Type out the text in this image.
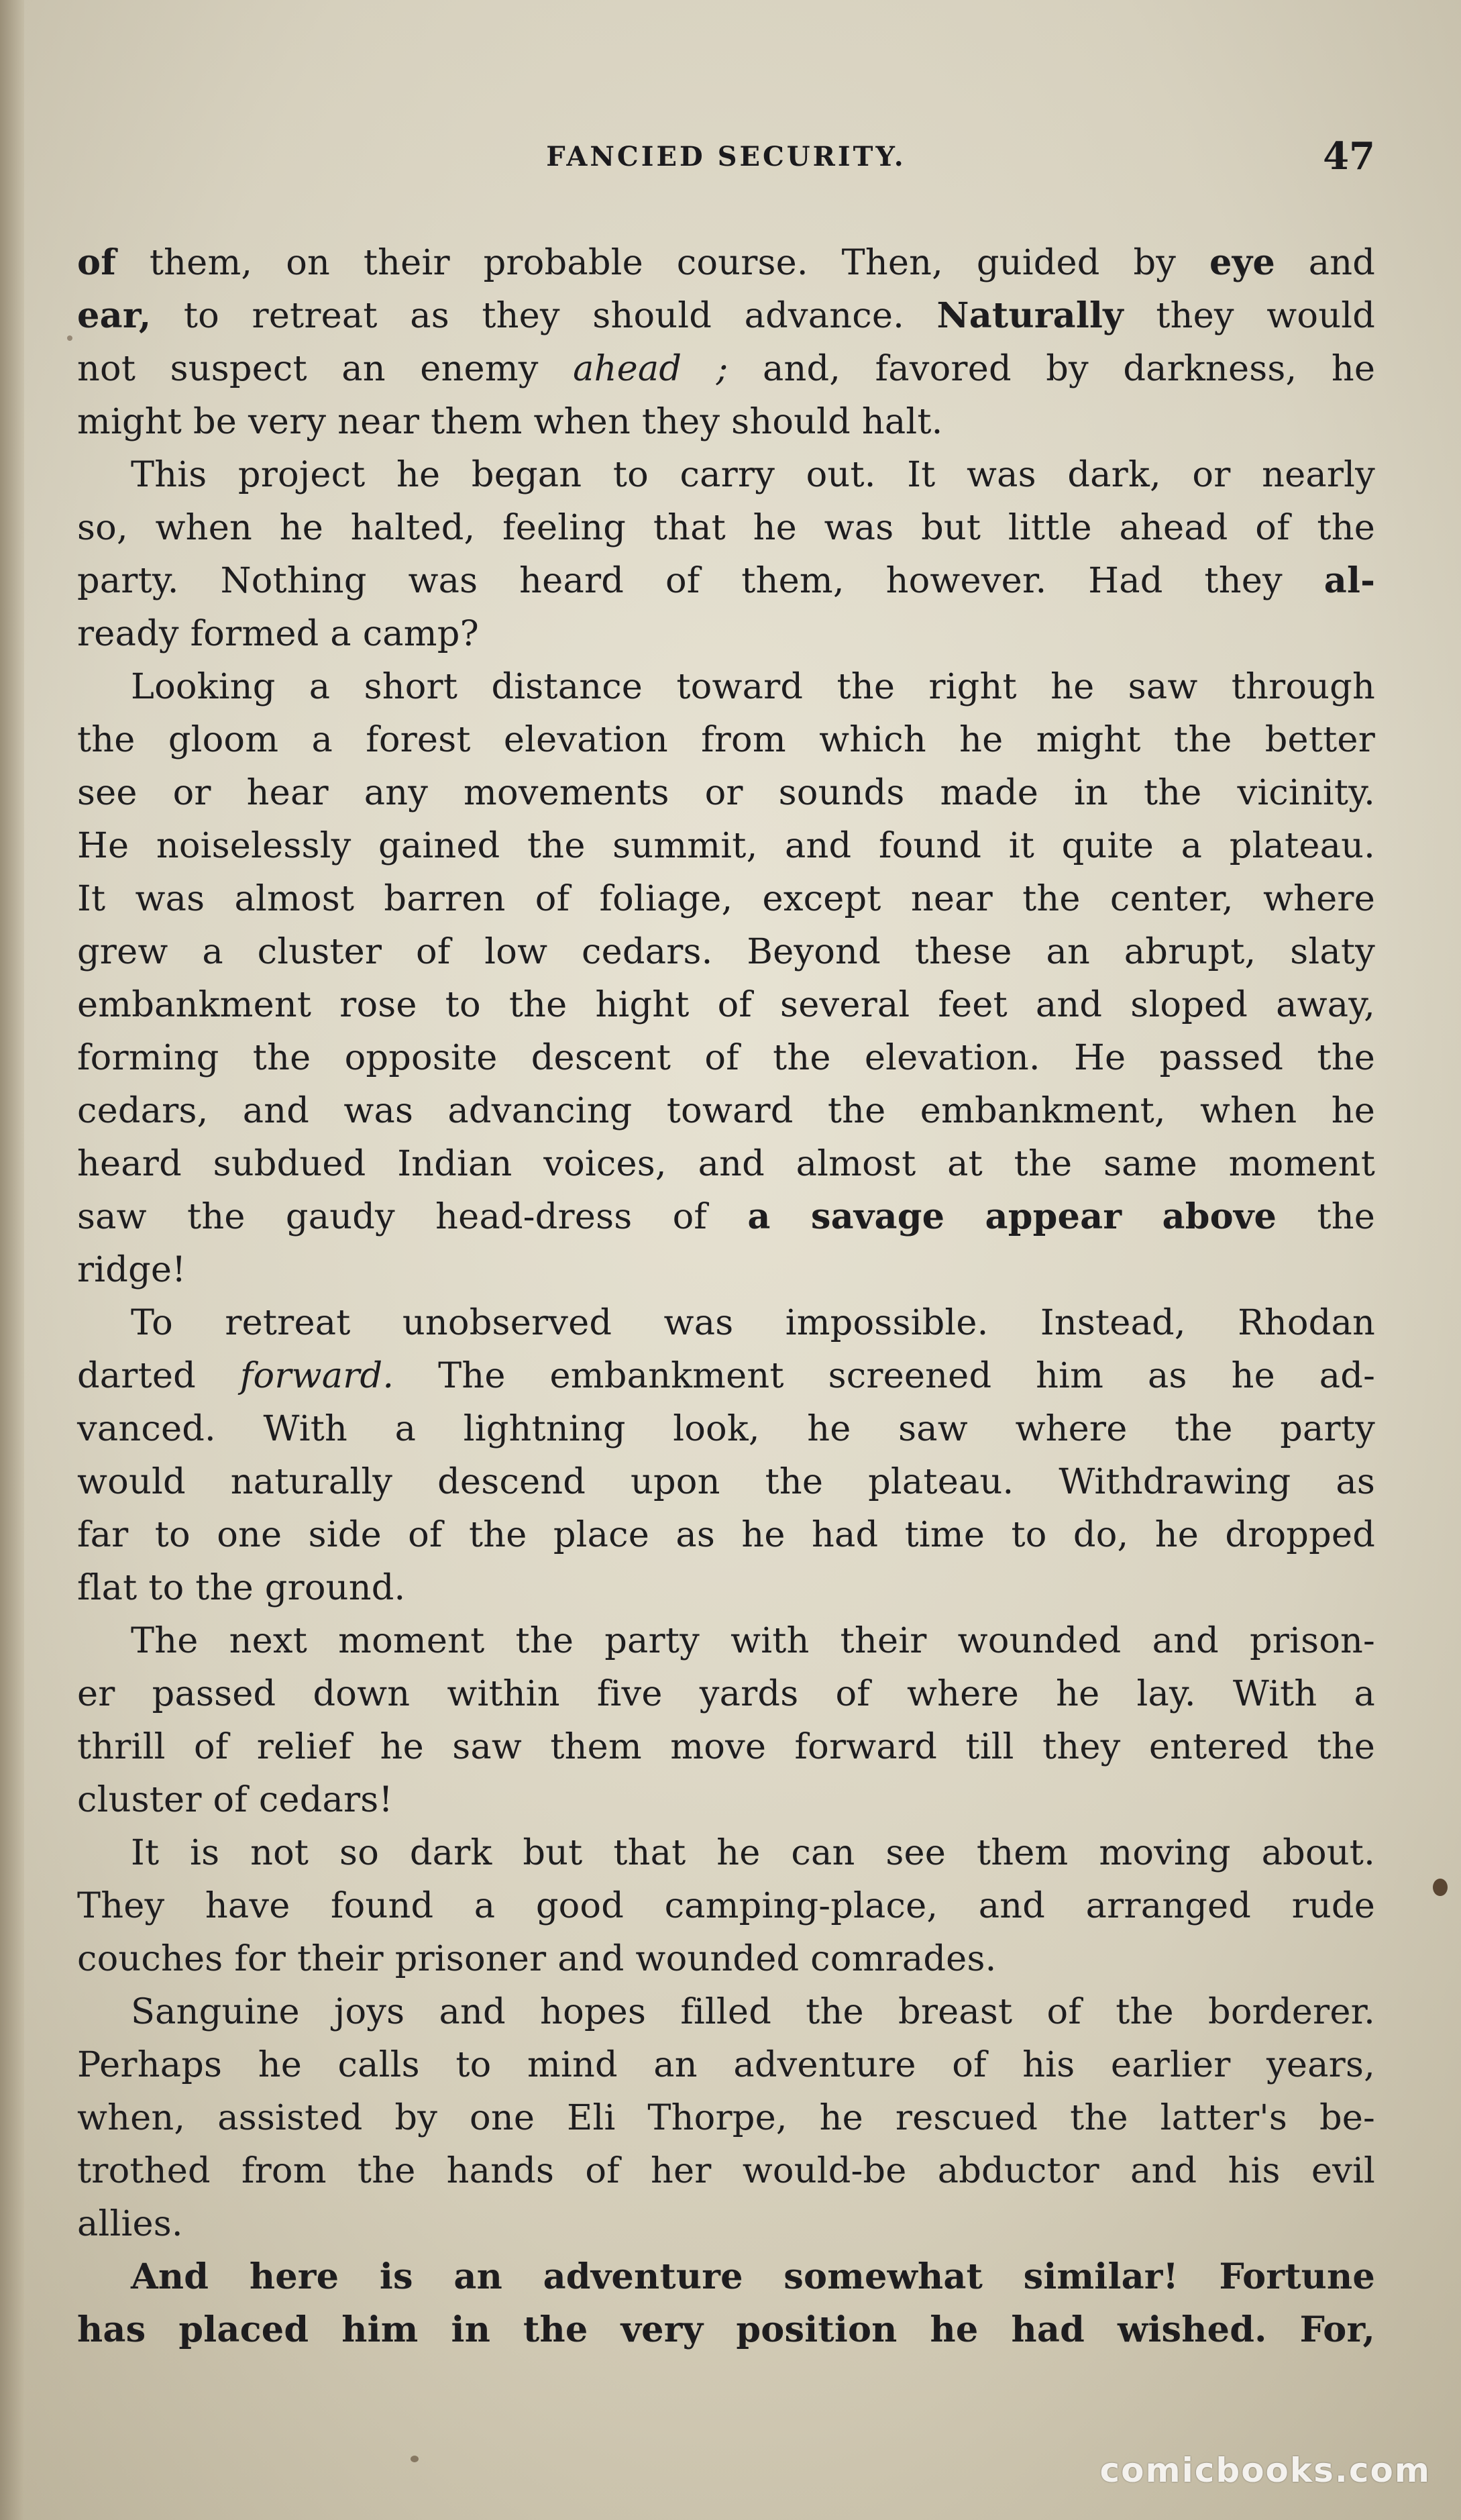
FANCIED SECURITY.	47
of them, on their probable course. Then, guided by eye and
ear, to retreat as they should advance. Naturally they would
not suspect an enemy ahead ; and, favored by darkness, he
might be very near them when they should halt.
This project he began to carry out. It was dark, or nearly
so, when he halted, feeling that he was but little ahead of the
party. Nothing was heard of them, however. Had they al-
ready formed a camp?
Looking a short distance toward the right he saw through
the gloom a forest elevation from which he might the better
see or hear any movements or sounds made in the vicinity.
He noiselessly gained the summit, and found it quite a plateau.
It was almost barren of foliage, except near the center, where
grew a cluster of low cedars. Beyond these an abrupt, slaty
embankment rose to the hight of several feet and sloped away,
forming the opposite descent of the elevation. He passed the
cedars, and was advancing toward the embankment, when he
heard subdued Indian voices, and almost at the same moment
saw the gaudy head-dress of a savage appear above the
ridge!
To retreat unobserved was impossible. Instead, Rhodan
darted forward. The embankment screened him as he ad-
vanced. With a lightning look, he saw where the party
would naturally descend upon the plateau. Withdrawing as
far to one side of the place as he had time to do, he dropped
flat to the ground.
The next moment the party with their wounded and prison-
er passed down within five yards of where he lay. With a
thrill of relief he saw them move forward till they entered the
cluster of cedars!
It is not so dark but that he can see them moving about.
They have found a good camping-place, and arranged rude
couches for their prisoner and wounded comrades.
Sanguine joys and hopes filled the breast of the borderer.
Perhaps he calls to mind an adventure of his earlier years,
when, assisted by one Eli Thorpe, he rescued the latter's be-
trothed from the hands of her would-be abductor and his evil
allies.
And here is an adventure somewhat similar! Fortune
has placed him in the very position he had wished. For,
comicbooks.com
